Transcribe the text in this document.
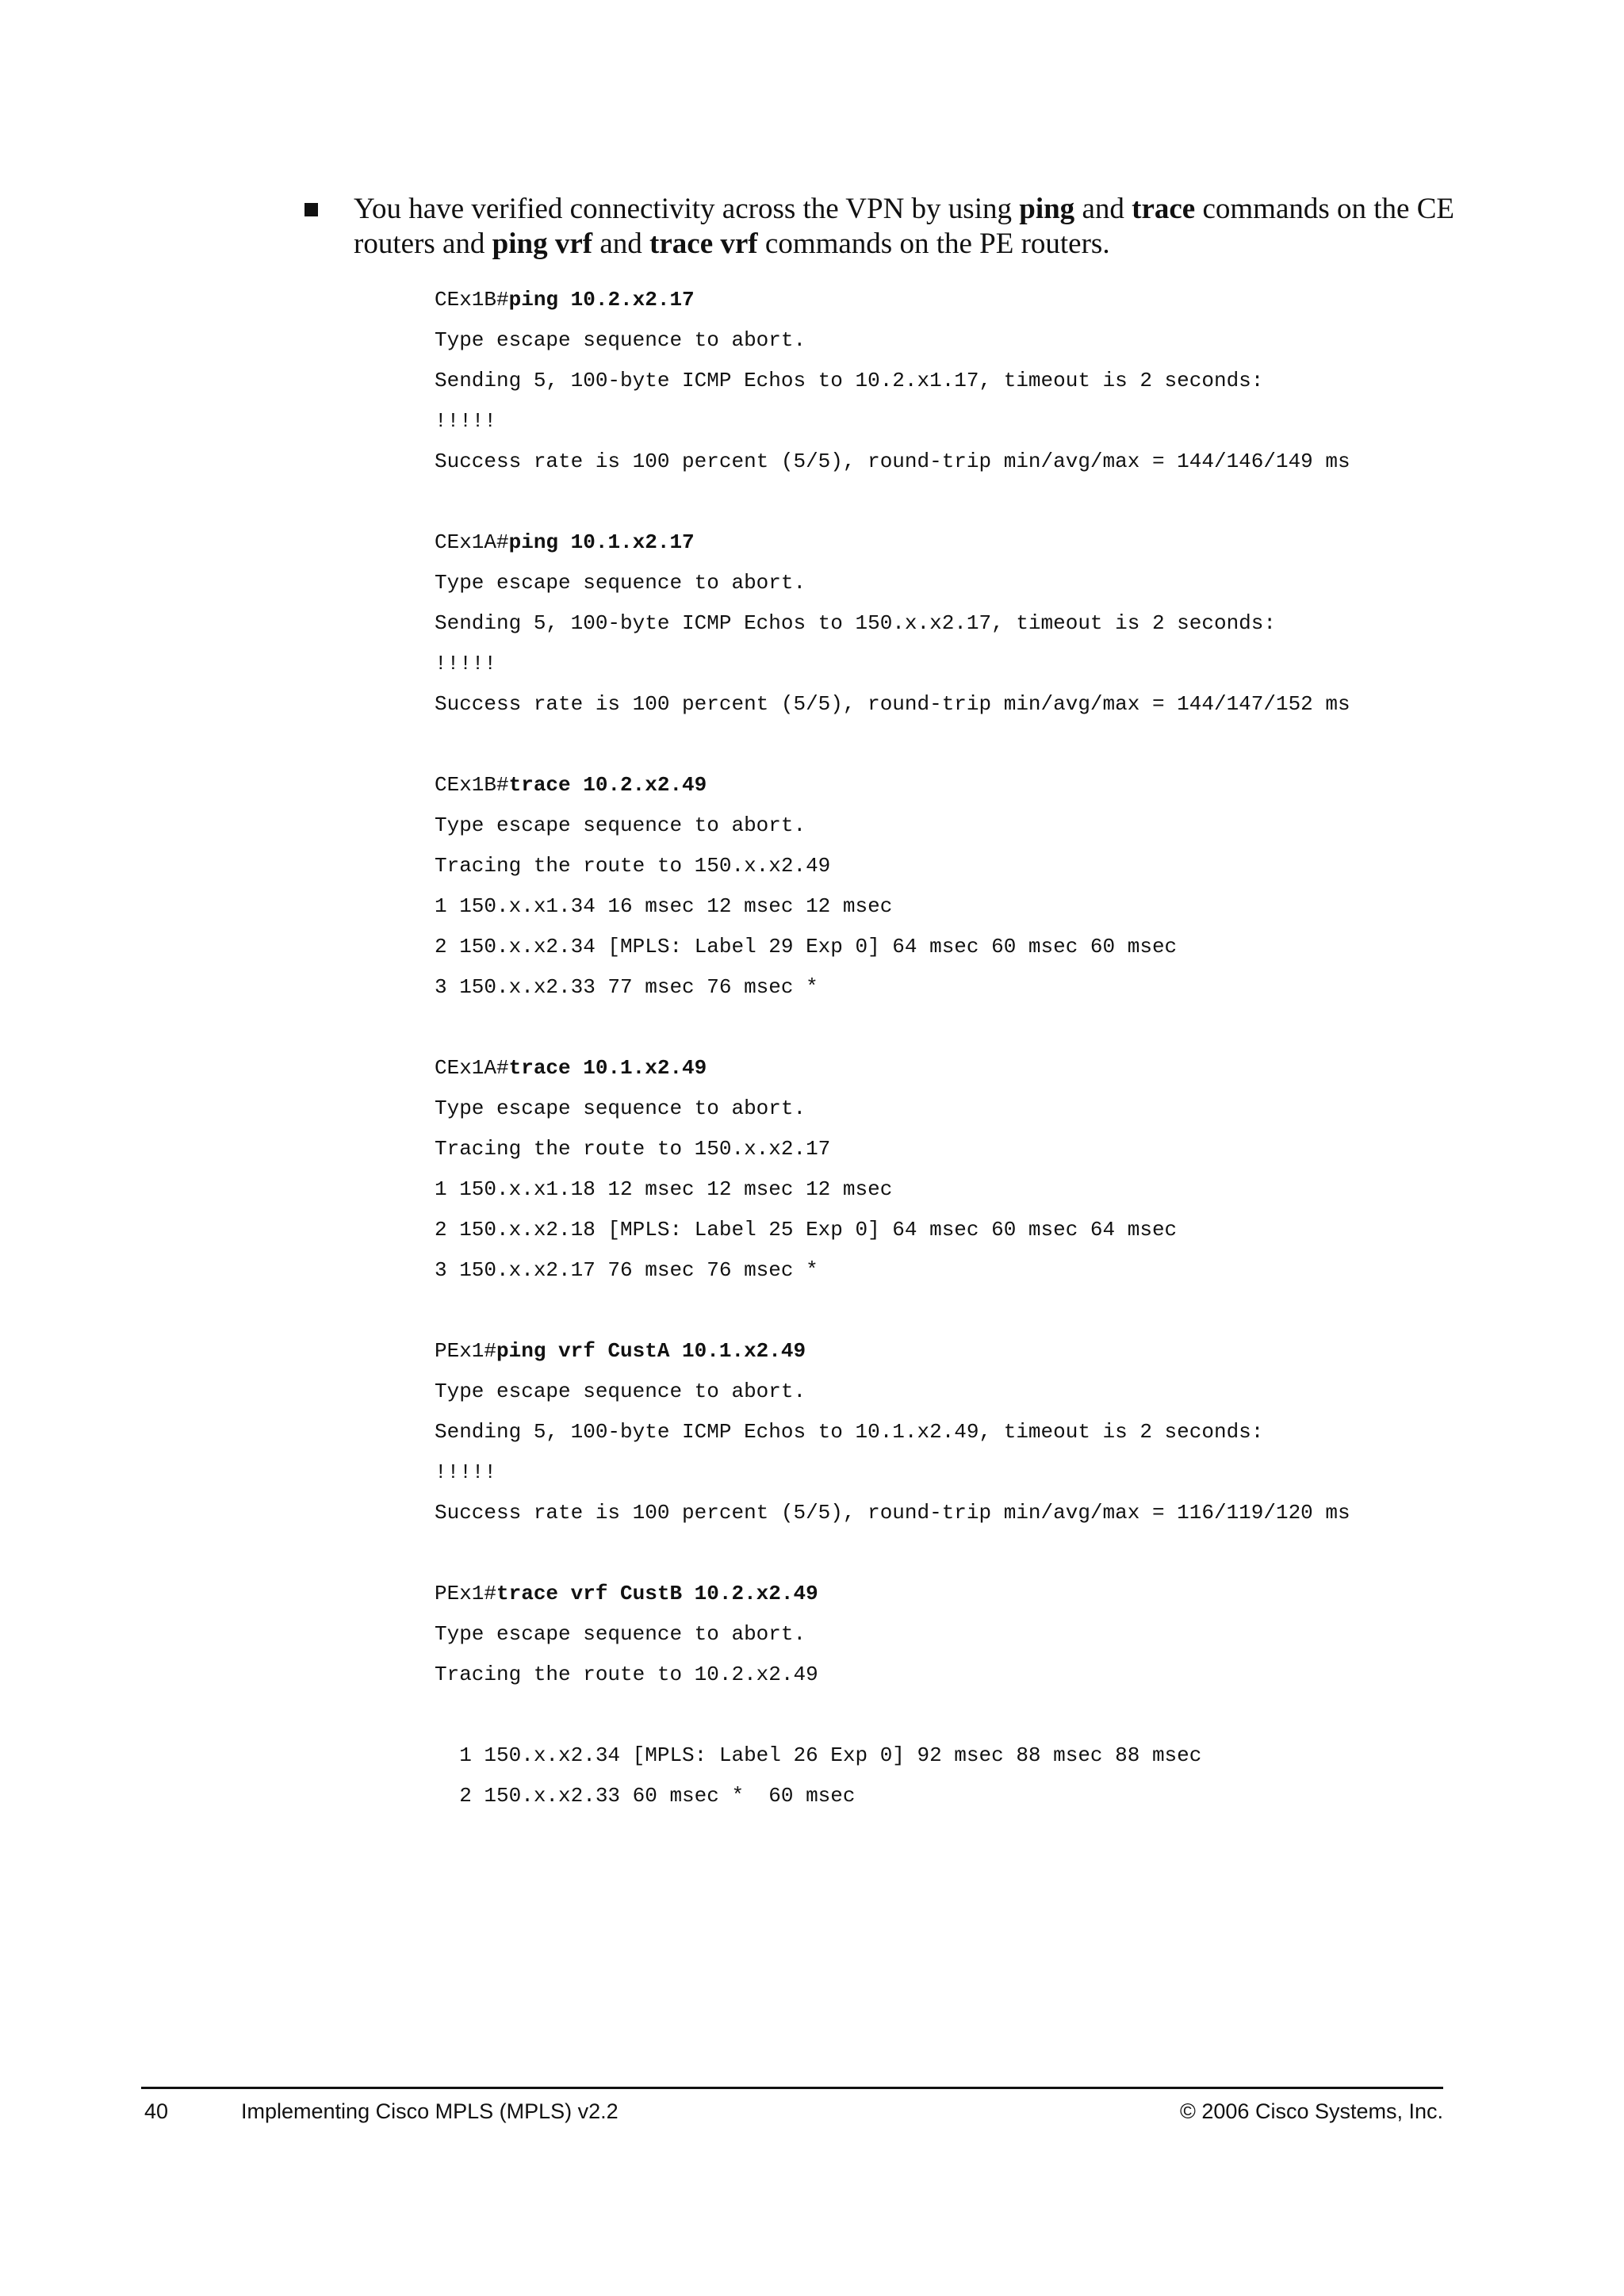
You have verified connectivity across the VPN by using ping and trace commands on the CE routers and ping vrf and trace vrf commands on the PE routers.
CEx1B#ping 10.2.x2.17
Type escape sequence to abort.
Sending 5, 100-byte ICMP Echos to 10.2.x1.17, timeout is 2 seconds:
!!!!!
Success rate is 100 percent (5/5), round-trip min/avg/max = 144/146/149 ms
CEx1A#ping 10.1.x2.17
Type escape sequence to abort.
Sending 5, 100-byte ICMP Echos to 150.x.x2.17, timeout is 2 seconds:
!!!!!
Success rate is 100 percent (5/5), round-trip min/avg/max = 144/147/152 ms
CEx1B#trace 10.2.x2.49
Type escape sequence to abort.
Tracing the route to 150.x.x2.49
1 150.x.x1.34 16 msec 12 msec 12 msec
2 150.x.x2.34 [MPLS: Label 29 Exp 0] 64 msec 60 msec 60 msec
3 150.x.x2.33 77 msec 76 msec *
CEx1A#trace 10.1.x2.49
Type escape sequence to abort.
Tracing the route to 150.x.x2.17
1 150.x.x1.18 12 msec 12 msec 12 msec
2 150.x.x2.18 [MPLS: Label 25 Exp 0] 64 msec 60 msec 64 msec
3 150.x.x2.17 76 msec 76 msec *
PEx1#ping vrf CustA 10.1.x2.49
Type escape sequence to abort.
Sending 5, 100-byte ICMP Echos to 10.1.x2.49, timeout is 2 seconds:
!!!!!
Success rate is 100 percent (5/5), round-trip min/avg/max = 116/119/120 ms
PEx1#trace vrf CustB 10.2.x2.49
Type escape sequence to abort.
Tracing the route to 10.2.x2.49
1 150.x.x2.34 [MPLS: Label 26 Exp 0] 92 msec 88 msec 88 msec
2 150.x.x2.33 60 msec *  60 msec
40	Implementing Cisco MPLS (MPLS) v2.2	© 2006 Cisco Systems, Inc.
